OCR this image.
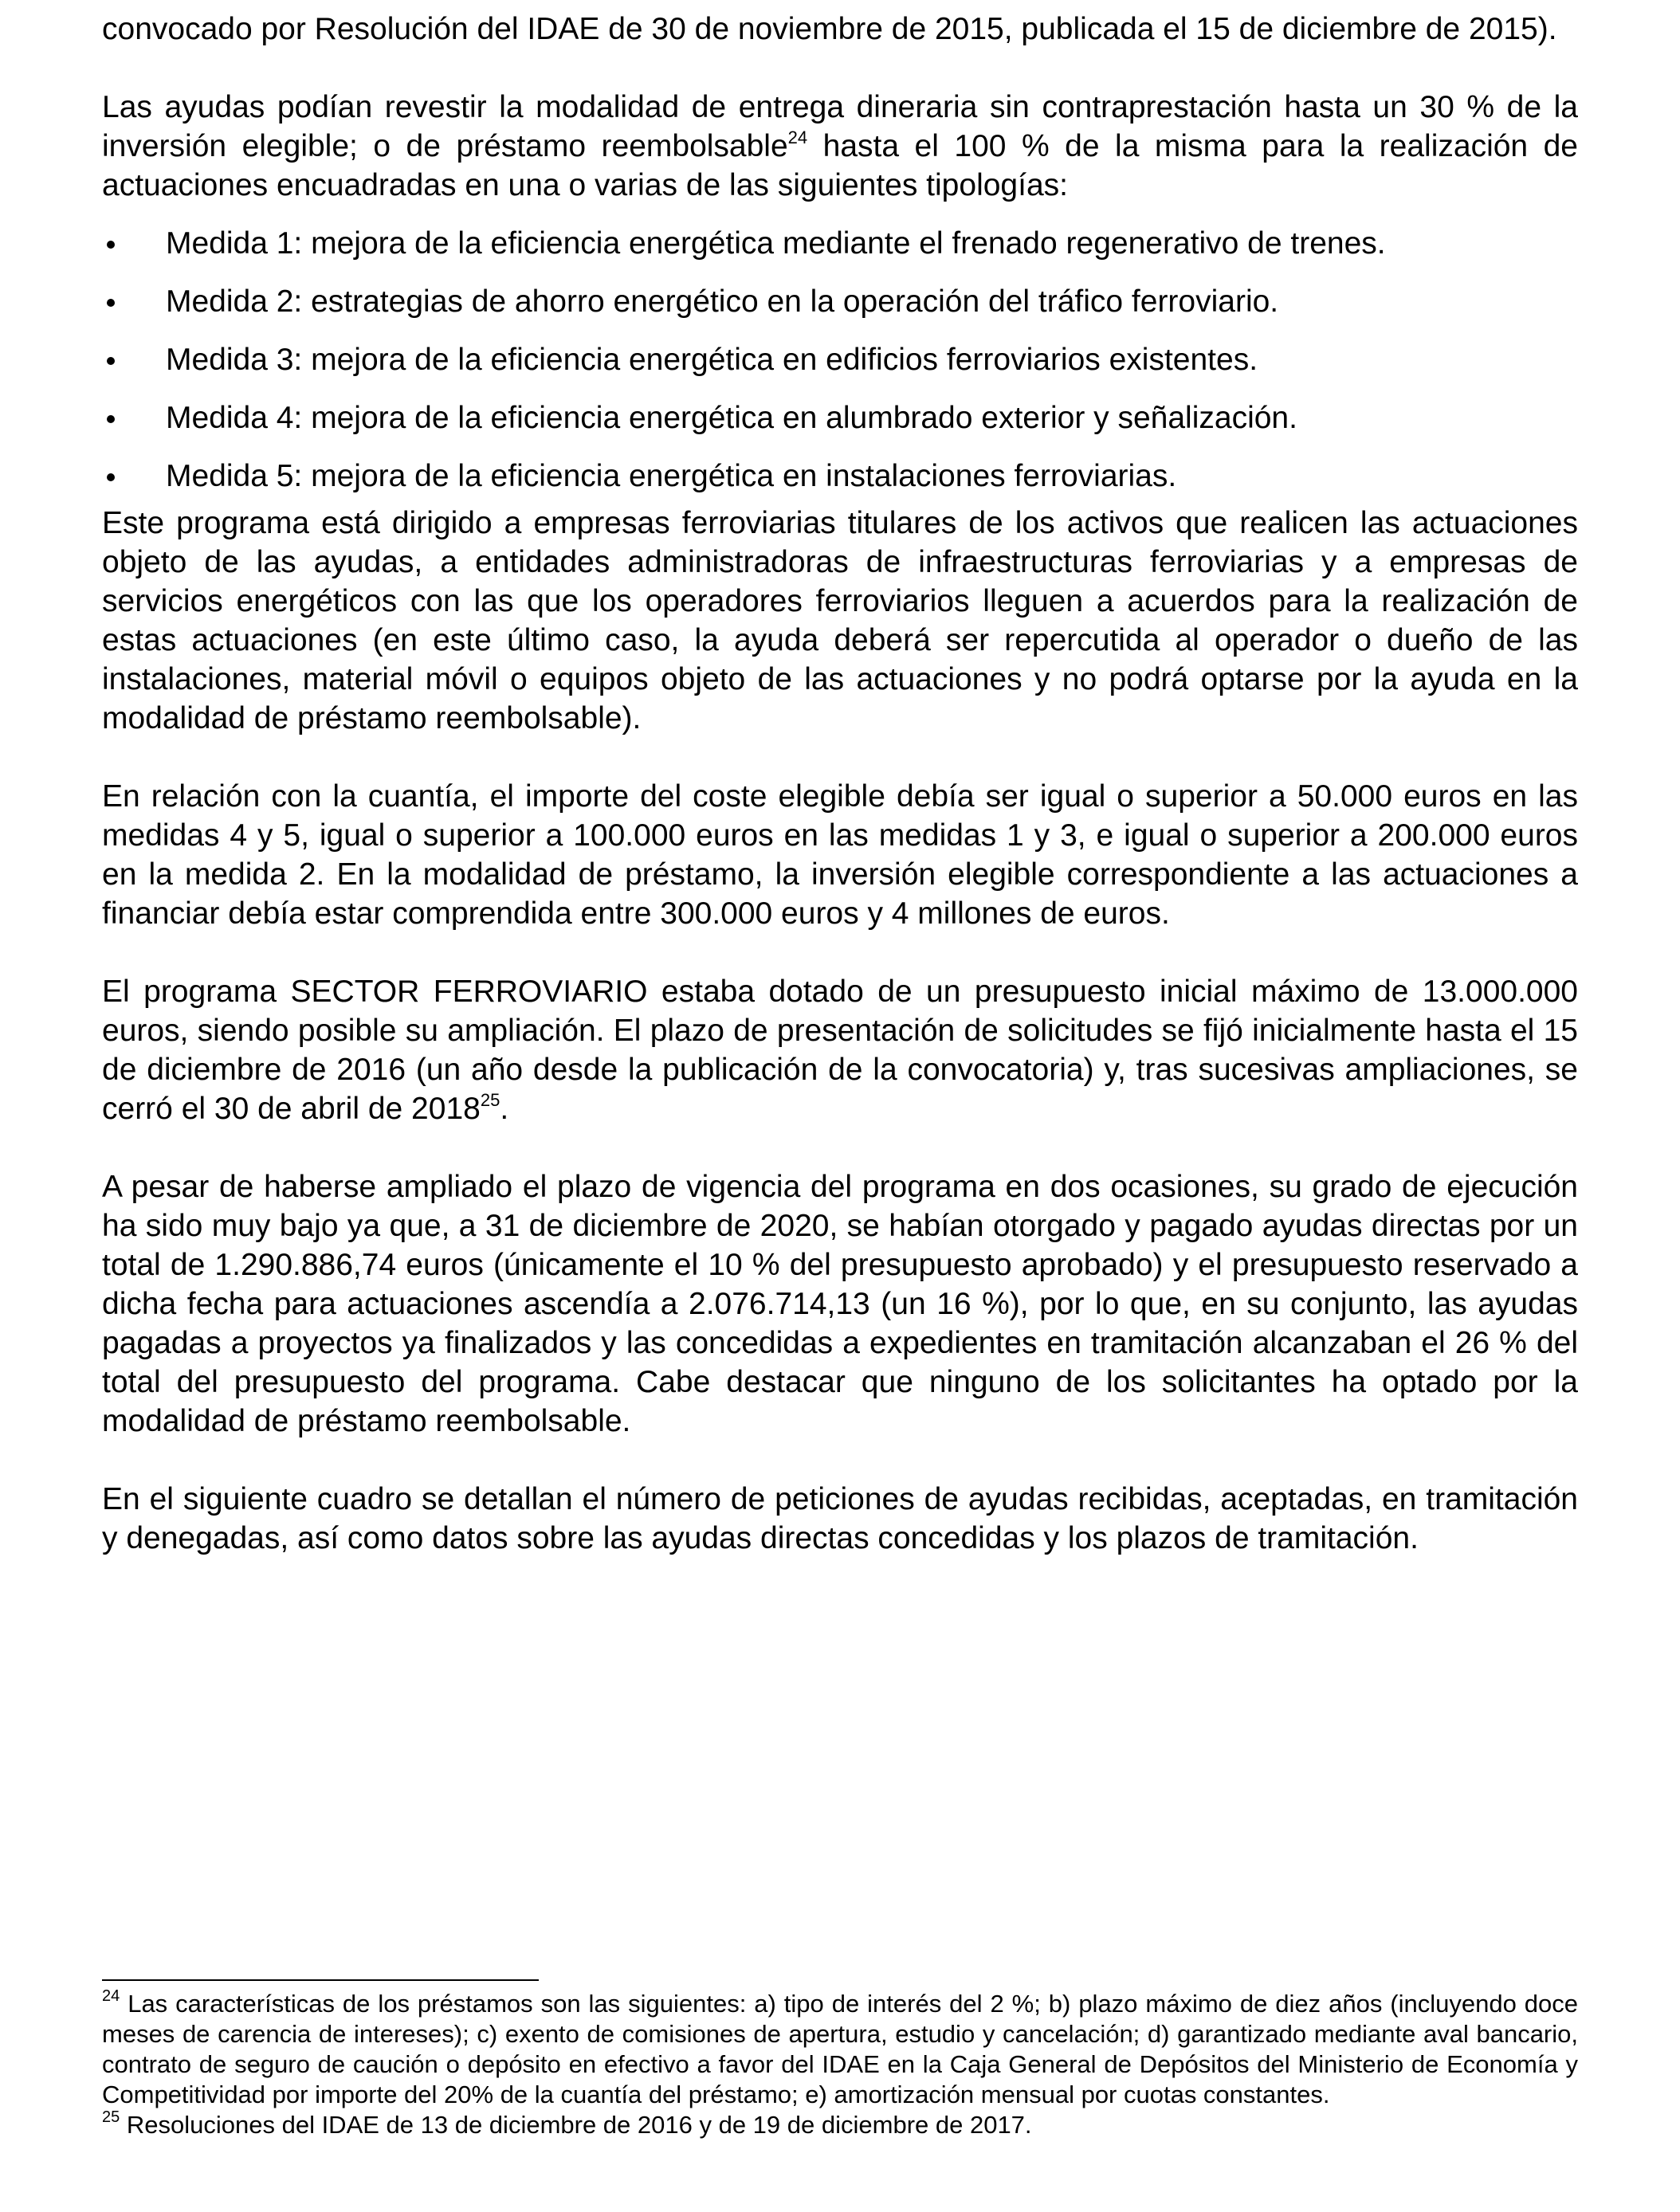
convocado por Resolución del IDAE de 30 de noviembre de 2015, publicada el 15 de diciembre de 2015).

Las ayudas podían revestir la modalidad de entrega dineraria sin contraprestación hasta un 30 % de la inversión elegible; o de préstamo reembolsable$^{24}$ hasta el 100 % de la misma para la realización de actuaciones encuadradas en una o varias de las siguientes tipologías:

Medida 1: mejora de la eficiencia energética mediante el frenado regenerativo de trenes.
Medida 2: estrategias de ahorro energético en la operación del tráfico ferroviario.
Medida 3: mejora de la eficiencia energética en edificios ferroviarios existentes.
Medida 4: mejora de la eficiencia energética en alumbrado exterior y señalización.
Medida 5: mejora de la eficiencia energética en instalaciones ferroviarias.

Este programa está dirigido a empresas ferroviarias titulares de los activos que realicen las actuaciones objeto de las ayudas, a entidades administradoras de infraestructuras ferroviarias y a empresas de servicios energéticos con las que los operadores ferroviarios lleguen a acuerdos para la realización de estas actuaciones (en este último caso, la ayuda deberá ser repercutida al operador o dueño de las instalaciones, material móvil o equipos objeto de las actuaciones y no podrá optarse por la ayuda en la modalidad de préstamo reembolsable).

En relación con la cuantía, el importe del coste elegible debía ser igual o superior a 50.000 euros en las medidas 4 y 5, igual o superior a 100.000 euros en las medidas 1 y 3, e igual o superior a 200.000 euros en la medida 2. En la modalidad de préstamo, la inversión elegible correspondiente a las actuaciones a financiar debía estar comprendida entre 300.000 euros y 4 millones de euros.

El programa SECTOR FERROVIARIO estaba dotado de un presupuesto inicial máximo de 13.000.000 euros, siendo posible su ampliación. El plazo de presentación de solicitudes se fijó inicialmente hasta el 15 de diciembre de 2016 (un año desde la publicación de la convocatoria) y, tras sucesivas ampliaciones, se cerró el 30 de abril de 2018$^{25}$.

A pesar de haberse ampliado el plazo de vigencia del programa en dos ocasiones, su grado de ejecución ha sido muy bajo ya que, a 31 de diciembre de 2020, se habían otorgado y pagado ayudas directas por un total de 1.290.886,74 euros (únicamente el 10 % del presupuesto aprobado) y el presupuesto reservado a dicha fecha para actuaciones ascendía a 2.076.714,13 (un 16 %), por lo que, en su conjunto, las ayudas pagadas a proyectos ya finalizados y las concedidas a expedientes en tramitación alcanzaban el 26 % del total del presupuesto del programa. Cabe destacar que ninguno de los solicitantes ha optado por la modalidad de préstamo reembolsable.

En el siguiente cuadro se detallan el número de peticiones de ayudas recibidas, aceptadas, en tramitación y denegadas, así como datos sobre las ayudas directas concedidas y los plazos de tramitación.

$^{24}$ Las características de los préstamos son las siguientes: a) tipo de interés del 2 %; b) plazo máximo de diez años (incluyendo doce meses de carencia de intereses); c) exento de comisiones de apertura, estudio y cancelación; d) garantizado mediante aval bancario, contrato de seguro de caución o depósito en efectivo a favor del IDAE en la Caja General de Depósitos del Ministerio de Economía y Competitividad por importe del 20% de la cuantía del préstamo; e) amortización mensual por cuotas constantes.

$^{25}$ Resoluciones del IDAE de 13 de diciembre de 2016 y de 19 de diciembre de 2017.
